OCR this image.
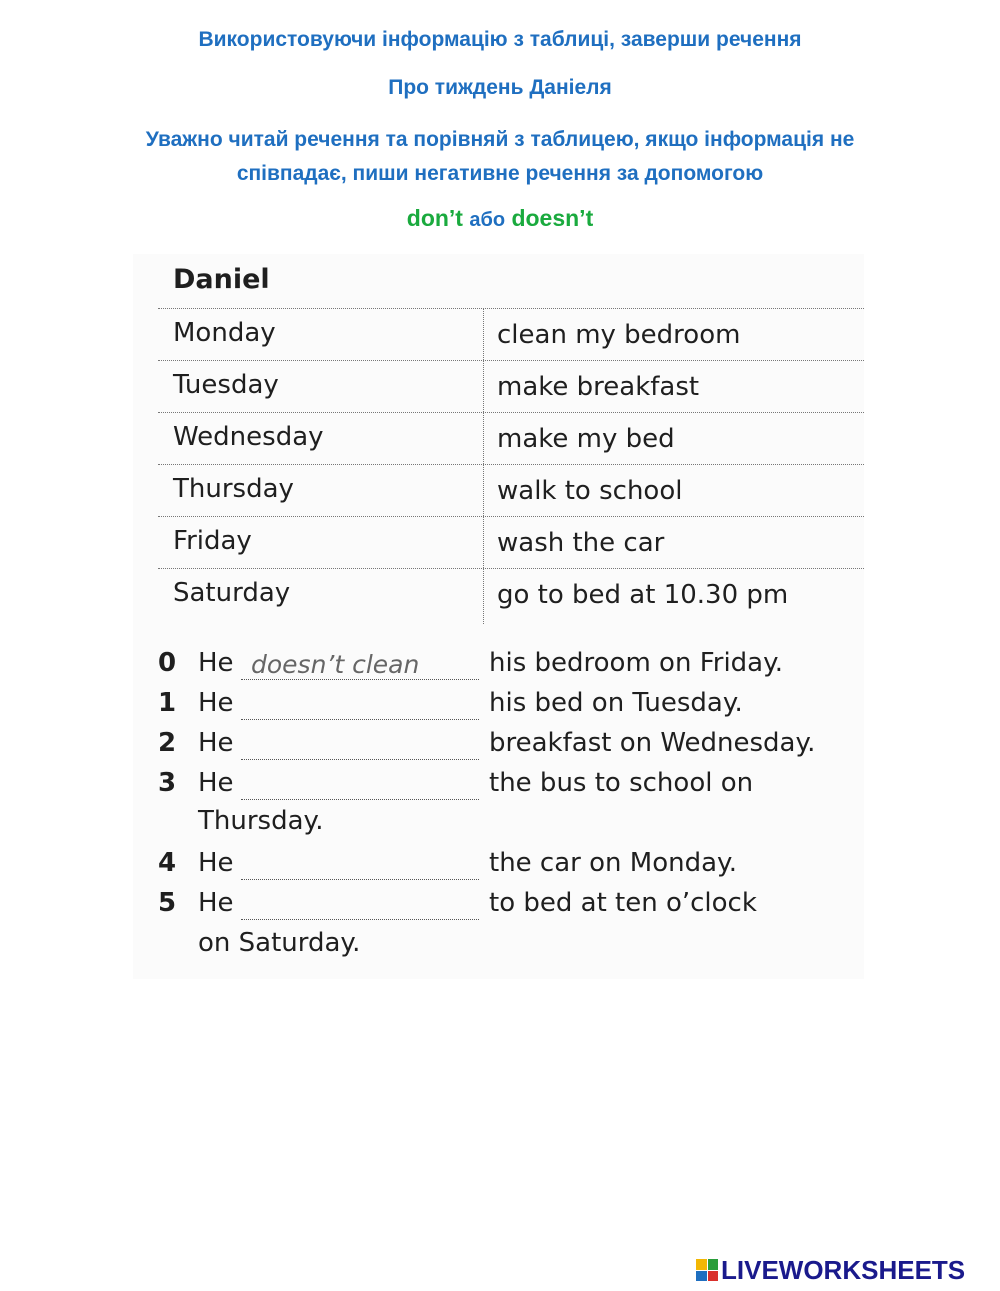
Використовуючи інформацію з таблиці, заверши речення
Про тиждень Даніеля
Уважно читай речення та порівняй з таблицею, якщо інформація не
співпадає, пиши негативне речення за допомогою
don’t або doesn’t
Daniel
Monday	clean my bedroom
Tuesday	make breakfast
Wednesday	make my bed
Thursday	walk to school
Friday	wash the car
Saturday	go to bed at 10.30 pm
0 He
doesn’t clean	his bedroom on Friday.
1 He	his bed on Tuesday.
2 He	breakfast on Wednesday.
3 He	the bus to school on
Thursday.
4 He	the car on Monday.
5 He	to bed at ten o’clock
on Saturday.
LIVEWORKSHEETS
